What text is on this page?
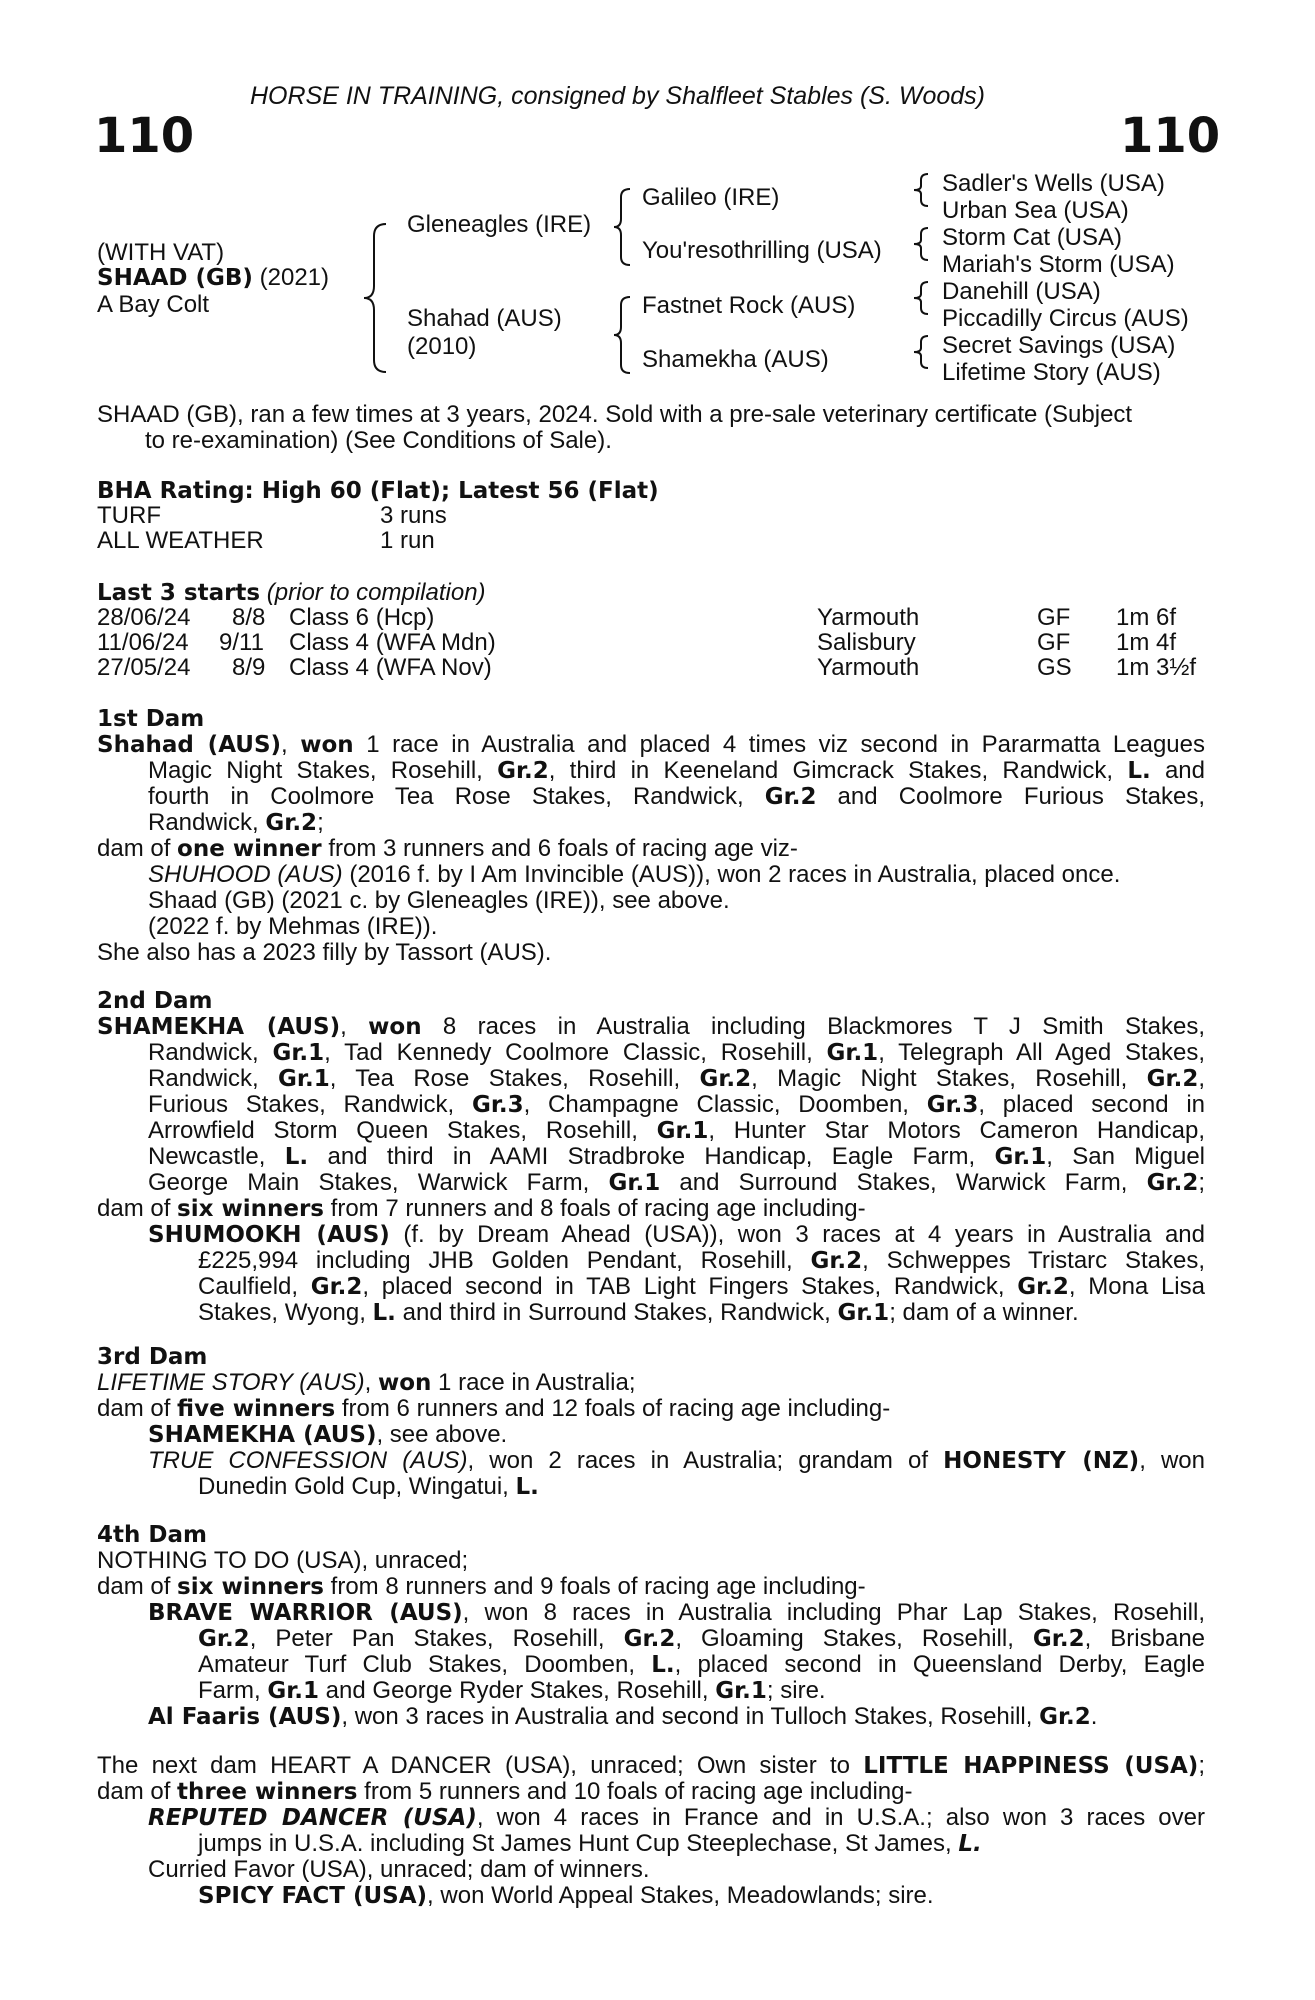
HORSE IN TRAINING, consigned by Shalfleet Stables (S. Woods)
110	110
(WITH VAT)
SHAAD (GB) (2021)
A Bay Colt
Gleneagles (IRE)
Shahad (AUS)
(2010)
Galileo (IRE)
You'resothrilling (USA)
Fastnet Rock (AUS)
Shamekha (AUS)
Sadler's Wells (USA)
Urban Sea (USA)
Storm Cat (USA)
Mariah's Storm (USA)
Danehill (USA)
Piccadilly Circus (AUS)
Secret Savings (USA)
Lifetime Story (AUS)
SHAAD (GB), ran a few times at 3 years, 2024. Sold with a pre-sale veterinary certificate (Subject
to re-examination) (See Conditions of Sale).
BHA Rating: High 60 (Flat); Latest 56 (Flat)
TURF	3 runs
ALL WEATHER	1 run
Last 3 starts (prior to compilation)
28/06/24 8/8 Class 6 (Hcp)	Yarmouth	GF 1m 6f
11/06/24 9/11 Class 4 (WFA Mdn)	Salisbury	GF 1m 4f
27/05/24 8/9 Class 4 (WFA Nov)	Yarmouth	GS 1m 3½f
1st Dam
Shahad (AUS), won 1 race in Australia and placed 4 times viz second in Pararmatta Leagues
Magic Night Stakes, Rosehill, Gr.2, third in Keeneland Gimcrack Stakes, Randwick, L. and
fourth in Coolmore Tea Rose Stakes, Randwick, Gr.2 and Coolmore Furious Stakes,
Randwick, Gr.2;
dam of one winner from 3 runners and 6 foals of racing age viz-
SHUHOOD (AUS) (2016 f. by I Am Invincible (AUS)), won 2 races in Australia, placed once.
Shaad (GB) (2021 c. by Gleneagles (IRE)), see above.
(2022 f. by Mehmas (IRE)).
She also has a 2023 filly by Tassort (AUS).
2nd Dam
SHAMEKHA (AUS), won 8 races in Australia including Blackmores T J Smith Stakes,
Randwick, Gr.1, Tad Kennedy Coolmore Classic, Rosehill, Gr.1, Telegraph All Aged Stakes,
Randwick, Gr.1, Tea Rose Stakes, Rosehill, Gr.2, Magic Night Stakes, Rosehill, Gr.2,
Furious Stakes, Randwick, Gr.3, Champagne Classic, Doomben, Gr.3, placed second in
Arrowfield Storm Queen Stakes, Rosehill, Gr.1, Hunter Star Motors Cameron Handicap,
Newcastle, L. and third in AAMI Stradbroke Handicap, Eagle Farm, Gr.1, San Miguel
George Main Stakes, Warwick Farm, Gr.1 and Surround Stakes, Warwick Farm, Gr.2;
dam of six winners from 7 runners and 8 foals of racing age including-
SHUMOOKH (AUS) (f. by Dream Ahead (USA)), won 3 races at 4 years in Australia and
£225,994 including JHB Golden Pendant, Rosehill, Gr.2, Schweppes Tristarc Stakes,
Caulfield, Gr.2, placed second in TAB Light Fingers Stakes, Randwick, Gr.2, Mona Lisa
Stakes, Wyong, L. and third in Surround Stakes, Randwick, Gr.1; dam of a winner.
3rd Dam
LIFETIME STORY (AUS), won 1 race in Australia;
dam of five winners from 6 runners and 12 foals of racing age including-
SHAMEKHA (AUS), see above.
TRUE CONFESSION (AUS), won 2 races in Australia; grandam of HONESTY (NZ), won
Dunedin Gold Cup, Wingatui, L.
4th Dam
NOTHING TO DO (USA), unraced;
dam of six winners from 8 runners and 9 foals of racing age including-
BRAVE WARRIOR (AUS), won 8 races in Australia including Phar Lap Stakes, Rosehill,
Gr.2, Peter Pan Stakes, Rosehill, Gr.2, Gloaming Stakes, Rosehill, Gr.2, Brisbane
Amateur Turf Club Stakes, Doomben, L., placed second in Queensland Derby, Eagle
Farm, Gr.1 and George Ryder Stakes, Rosehill, Gr.1; sire.
Al Faaris (AUS), won 3 races in Australia and second in Tulloch Stakes, Rosehill, Gr.2.
The next dam HEART A DANCER (USA), unraced; Own sister to LITTLE HAPPINESS (USA);
dam of three winners from 5 runners and 10 foals of racing age including-
REPUTED DANCER (USA), won 4 races in France and in U.S.A.; also won 3 races over
jumps in U.S.A. including St James Hunt Cup Steeplechase, St James, L.
Curried Favor (USA), unraced; dam of winners.
SPICY FACT (USA), won World Appeal Stakes, Meadowlands; sire.
